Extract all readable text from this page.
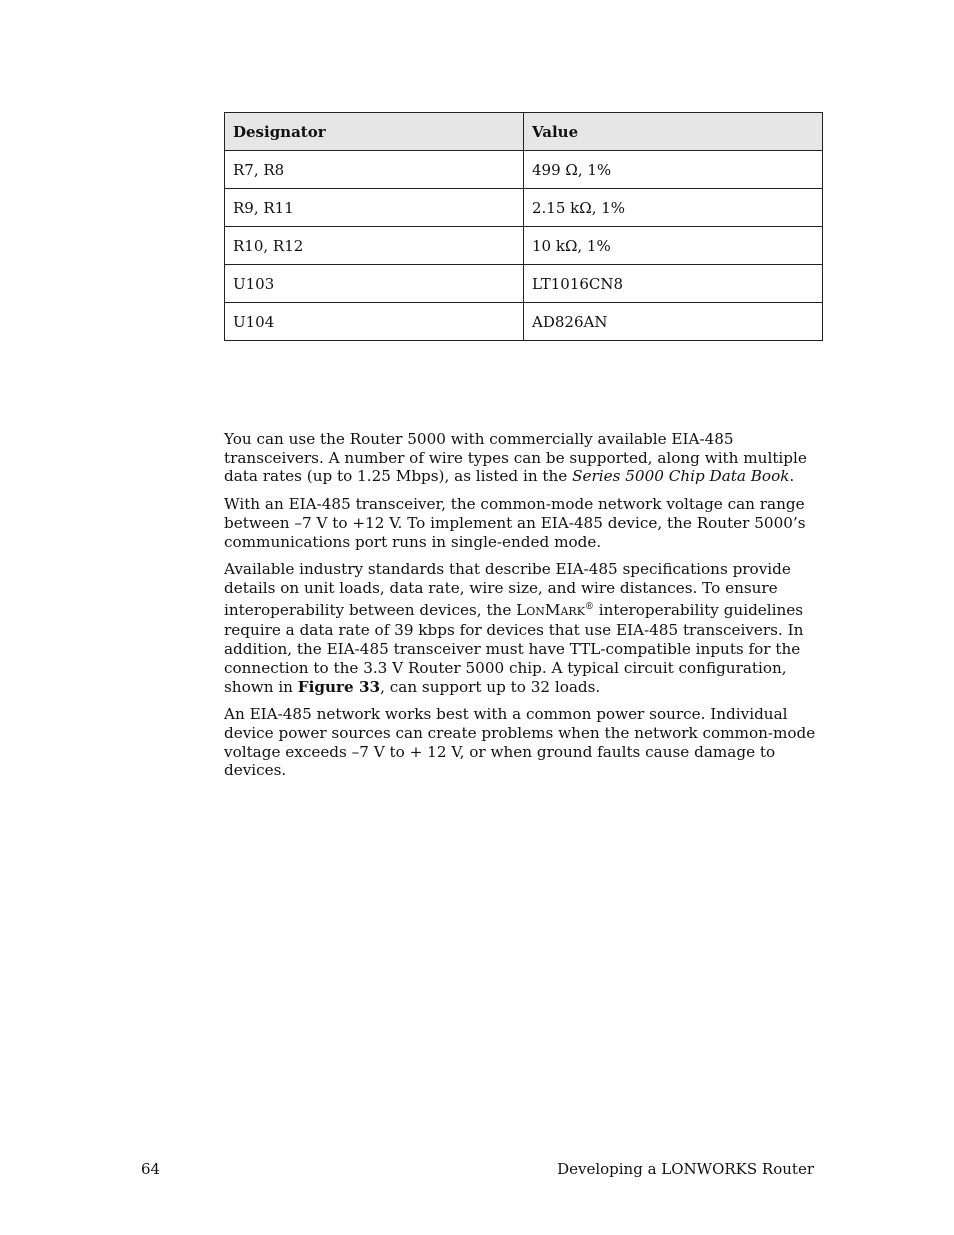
Designator	Value
R7, R8	499 Ω, 1%
R9, R11	2.15 kΩ, 1%
R10, R12	10 kΩ, 1%
U103	LT1016CN8
U104	AD826AN

You can use the Router 5000 with commercially available EIA-485 transceivers. A number of wire types can be supported, along with multiple data rates (up to 1.25 Mbps), as listed in the Series 5000 Chip Data Book.

With an EIA-485 transceiver, the common-mode network voltage can range between –7 V to +12 V. To implement an EIA-485 device, the Router 5000’s communications port runs in single-ended mode.

Available industry standards that describe EIA-485 specifications provide details on unit loads, data rate, wire size, and wire distances. To ensure interoperability between devices, the LONMARK® interoperability guidelines require a data rate of 39 kbps for devices that use EIA-485 transceivers. In addition, the EIA-485 transceiver must have TTL-compatible inputs for the connection to the 3.3 V Router 5000 chip. A typical circuit configuration, shown in Figure 33, can support up to 32 loads.

An EIA-485 network works best with a common power source. Individual device power sources can create problems when the network common-mode voltage exceeds –7 V to + 12 V, or when ground faults cause damage to devices.

64	Developing a LONWORKS Router
